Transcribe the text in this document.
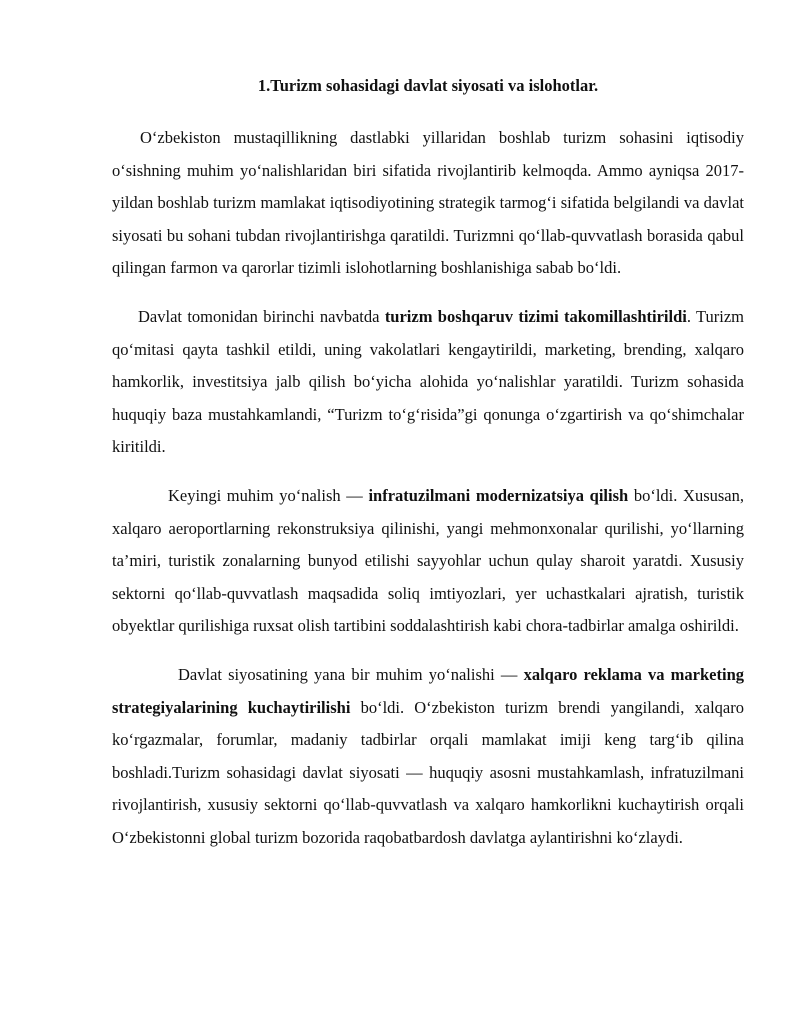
1.Turizm sohasidagi davlat siyosati va islohotlar.
O‘zbekiston mustaqillikning dastlabki yillaridan boshlab turizm sohasini iqtisodiy o‘sishning muhim yo‘nalishlaridan biri sifatida rivojlantirib kelmoqda. Ammo ayniqsa 2017-yildan boshlab turizm mamlakat iqtisodiyotining strategik tarmog‘i sifatida belgilandi va davlat siyosati bu sohani tubdan rivojlantirishga qaratildi. Turizmni qo‘llab-quvvatlash borasida qabul qilingan farmon va qarorlar tizimli islohotlarning boshlanishiga sabab bo‘ldi.
Davlat tomonidan birinchi navbatda turizm boshqaruv tizimi takomillashtirildi. Turizm qo‘mitasi qayta tashkil etildi, uning vakolatlari kengaytirildi, marketing, brending, xalqaro hamkorlik, investitsiya jalb qilish bo‘yicha alohida yo‘nalishlar yaratildi. Turizm sohasida huquqiy baza mustahkamlandi, “Turizm to‘g‘risida”gi qonunga o‘zgartirish va qo‘shimchalar kiritildi.
Keyingi muhim yo‘nalish — infratuzilmani modernizatsiya qilish bo‘ldi. Xususan, xalqaro aeroportlarning rekonstruksiya qilinishi, yangi mehmonxonalar qurilishi, yo‘llarning ta’miri, turistik zonalarning bunyod etilishi sayyohlar uchun qulay sharoit yaratdi. Xususiy sektorni qo‘llab-quvvatlash maqsadida soliq imtiyozlari, yer uchastkalari ajratish, turistik obyektlar qurilishiga ruxsat olish tartibini soddalashtirish kabi chora-tadbirlar amalga oshirildi.
Davlat siyosatining yana bir muhim yo‘nalishi — xalqaro reklama va marketing strategiyalarining kuchaytirilishi bo‘ldi. O‘zbekiston turizm brendi yangilandi, xalqaro ko‘rgazmalar, forumlar, madaniy tadbirlar orqali mamlakat imiji keng targ‘ib qilina boshladi.Turizm sohasidagi davlat siyosati — huquqiy asosni mustahkamlash, infratuzilmani rivojlantirish, xususiy sektorni qo‘llab-quvvatlash va xalqaro hamkorlikni kuchaytirish orqali O‘zbekistonni global turizm bozorida raqobatbardosh davlatga aylantirishni ko‘zlaydi.
